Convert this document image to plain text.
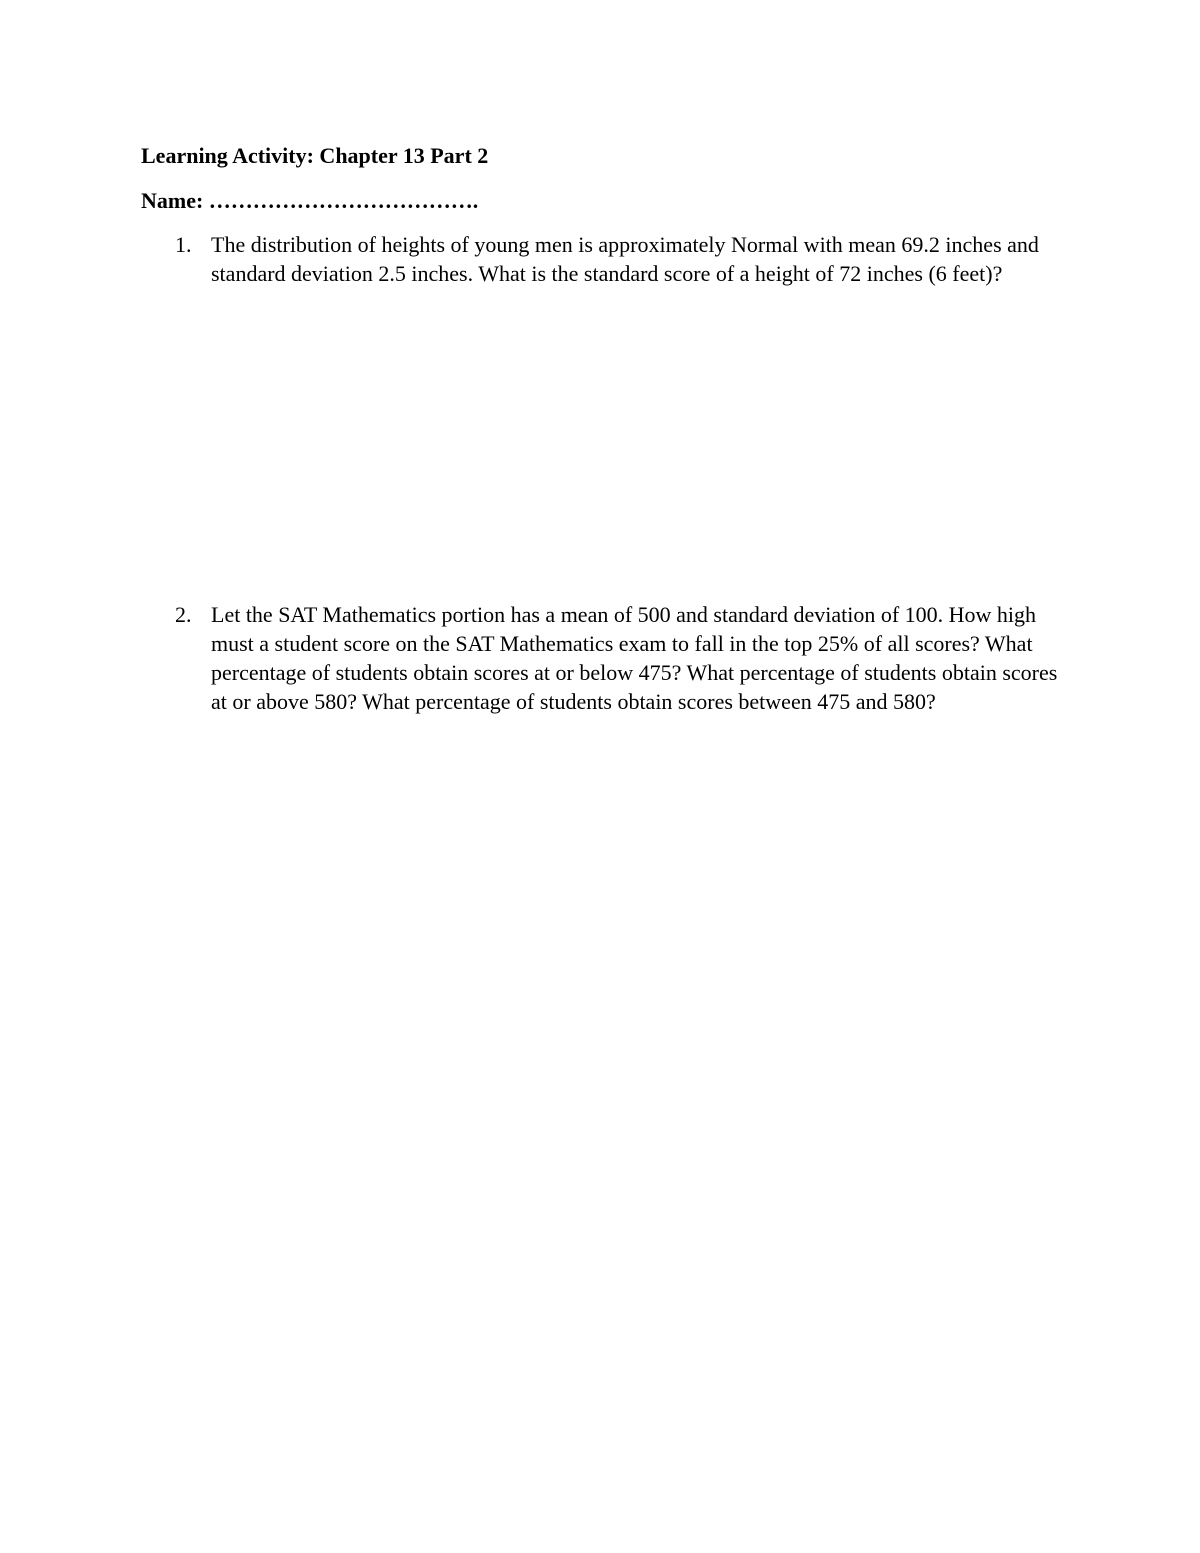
Learning Activity: Chapter 13 Part 2
Name: ……………………………….
1. The distribution of heights of young men is approximately Normal with mean 69.2 inches and standard deviation 2.5 inches. What is the standard score of a height of 72 inches (6 feet)?
2. Let the SAT Mathematics portion has a mean of 500 and standard deviation of 100. How high must a student score on the SAT Mathematics exam to fall in the top 25% of all scores? What percentage of students obtain scores at or below 475? What percentage of students obtain scores at or above 580? What percentage of students obtain scores between 475 and 580?
